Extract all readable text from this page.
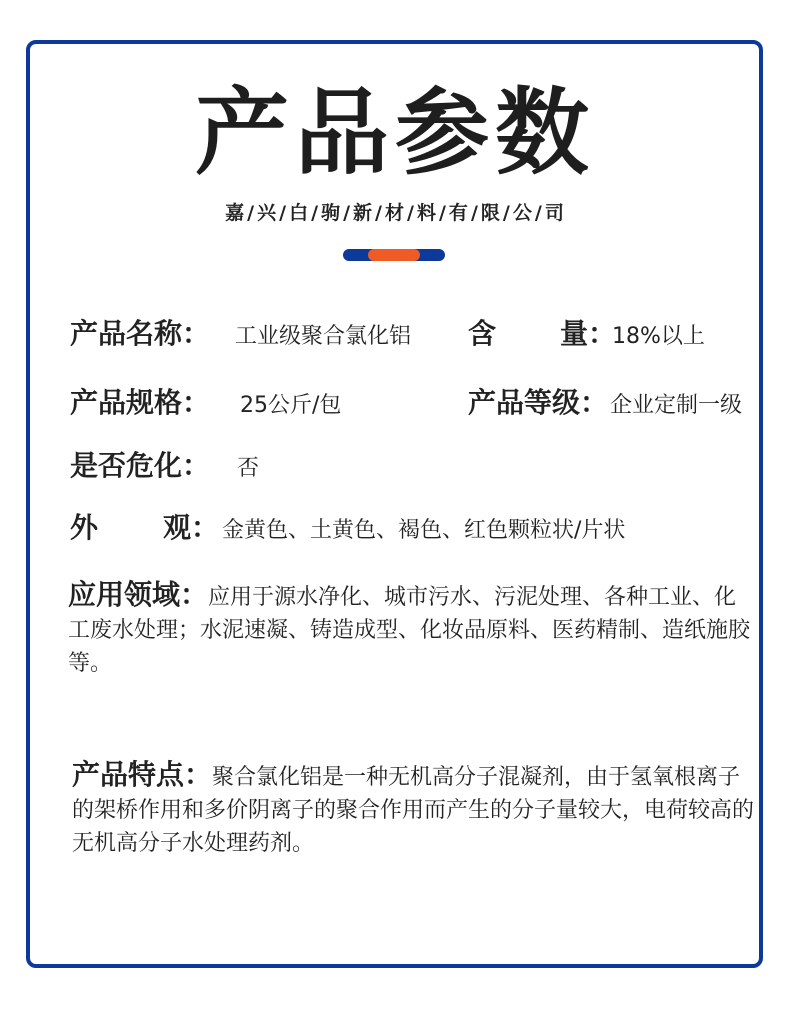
产品参数
嘉 / 兴 / 白 / 驹 / 新 / 材 / 料 / 有 / 限 / 公 / 司
产品名称： 工业级聚合氯化铝 含 量：
18%以上
产品规格： 25公斤/包	产品等级： 企业定制一级
是否危化： 否
外 观： 金黄色、土黄色、褐色、红色颗粒状/片状

应用领域：应用于源水净化、城市污水、污泥处理、各种工业、化工废水处理；水泥速凝、铸造成型、化妆品原料、医药精制、造纸施胶等。

产品特点：聚合氯化铝是一种无机高分子混凝剂，由于氢氧根离子的架桥作用和多价阴离子的聚合作用而产生的分子量较大，电荷较高的无机高分子水处理药剂。
